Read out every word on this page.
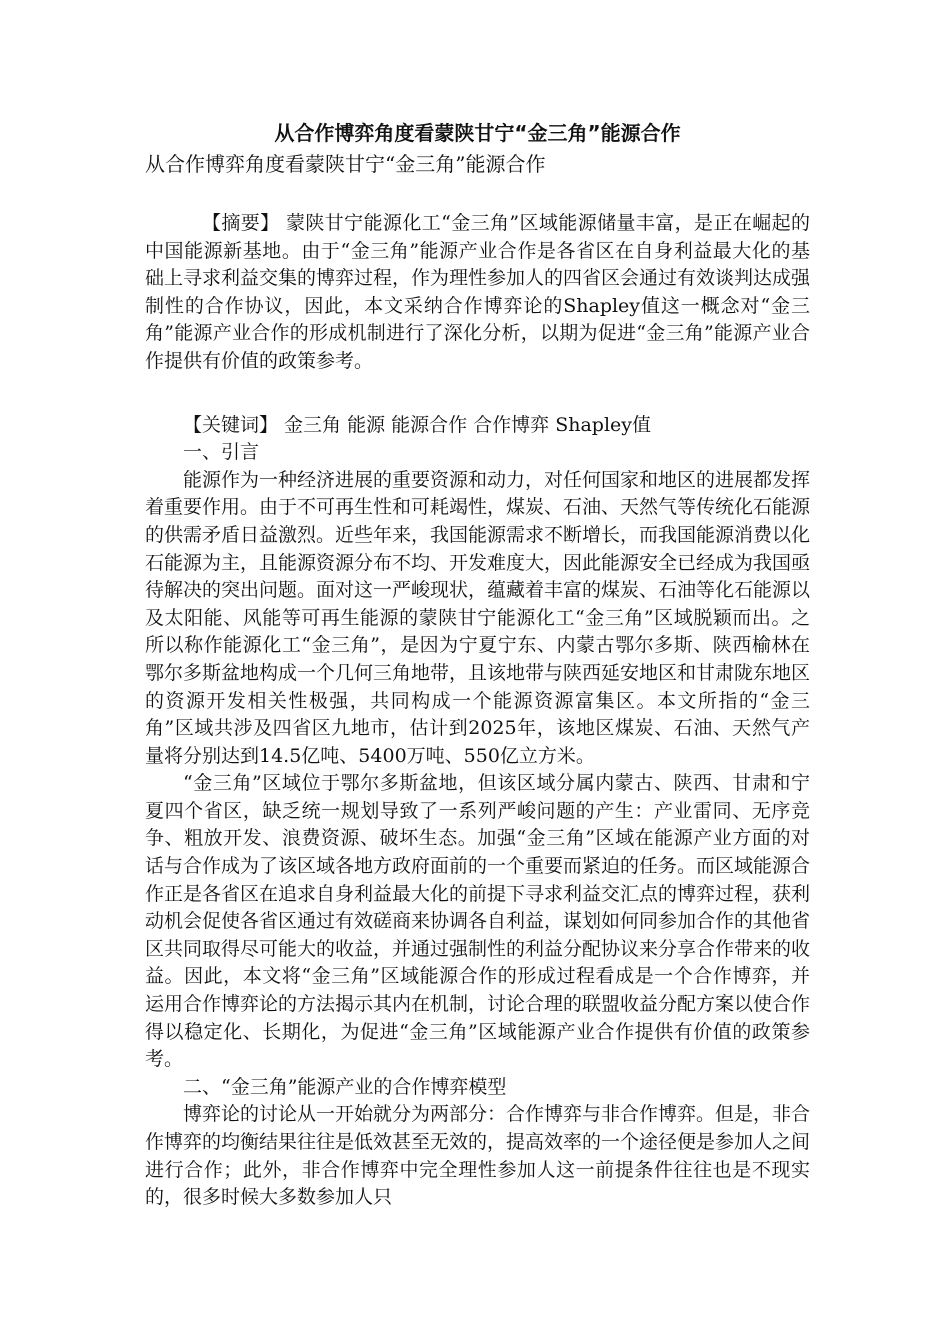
从合作博弈角度看蒙陕甘宁“金三角”能源合作

从合作博弈角度看蒙陕甘宁“金三角”能源合作

【摘要】 蒙陕甘宁能源化工“金三角”区域能源储量丰富，是正在崛起的中国能源新基地。由于“金三角”能源产业合作是各省区在自身利益最大化的基础上寻求利益交集的博弈过程，作为理性参加人的四省区会通过有效谈判达成强制性的合作协议，因此，本文采纳合作博弈论的Shapley值这一概念对“金三角”能源产业合作的形成机制进行了深化分析，以期为促进“金三角”能源产业合作提供有价值的政策参考。

【关键词】 金三角 能源 能源合作 合作博弈 Shapley值

一、引言

能源作为一种经济进展的重要资源和动力，对任何国家和地区的进展都发挥着重要作用。由于不可再生性和可耗竭性，煤炭、石油、天然气等传统化石能源的供需矛盾日益激烈。近些年来，我国能源需求不断增长，而我国能源消费以化石能源为主，且能源资源分布不均、开发难度大，因此能源安全已经成为我国亟待解决的突出问题。面对这一严峻现状，蕴藏着丰富的煤炭、石油等化石能源以及太阳能、风能等可再生能源的蒙陕甘宁能源化工“金三角”区域脱颖而出。之所以称作能源化工“金三角”，是因为宁夏宁东、内蒙古鄂尔多斯、陕西榆林在鄂尔多斯盆地构成一个几何三角地带，且该地带与陕西延安地区和甘肃陇东地区的资源开发相关性极强，共同构成一个能源资源富集区。本文所指的“金三角”区域共涉及四省区九地市，估计到2025年，该地区煤炭、石油、天然气产量将分别达到14.5亿吨、5400万吨、550亿立方米。

“金三角”区域位于鄂尔多斯盆地，但该区域分属内蒙古、陕西、甘肃和宁夏四个省区，缺乏统一规划导致了一系列严峻问题的产生：产业雷同、无序竞争、粗放开发、浪费资源、破坏生态。加强“金三角”区域在能源产业方面的对话与合作成为了该区域各地方政府面前的一个重要而紧迫的任务。而区域能源合作正是各省区在追求自身利益最大化的前提下寻求利益交汇点的博弈过程，获利动机会促使各省区通过有效磋商来协调各自利益，谋划如何同参加合作的其他省区共同取得尽可能大的收益，并通过强制性的利益分配协议来分享合作带来的收益。因此，本文将“金三角”区域能源合作的形成过程看成是一个合作博弈，并运用合作博弈论的方法揭示其内在机制，讨论合理的联盟收益分配方案以使合作得以稳定化、长期化，为促进“金三角”区域能源产业合作提供有价值的政策参考。

二、“金三角”能源产业的合作博弈模型

博弈论的讨论从一开始就分为两部分：合作博弈与非合作博弈。但是，非合作博弈的均衡结果往往是低效甚至无效的，提高效率的一个途径便是参加人之间进行合作；此外，非合作博弈中完全理性参加人这一前提条件往往也是不现实的，很多时候大多数参加人只
